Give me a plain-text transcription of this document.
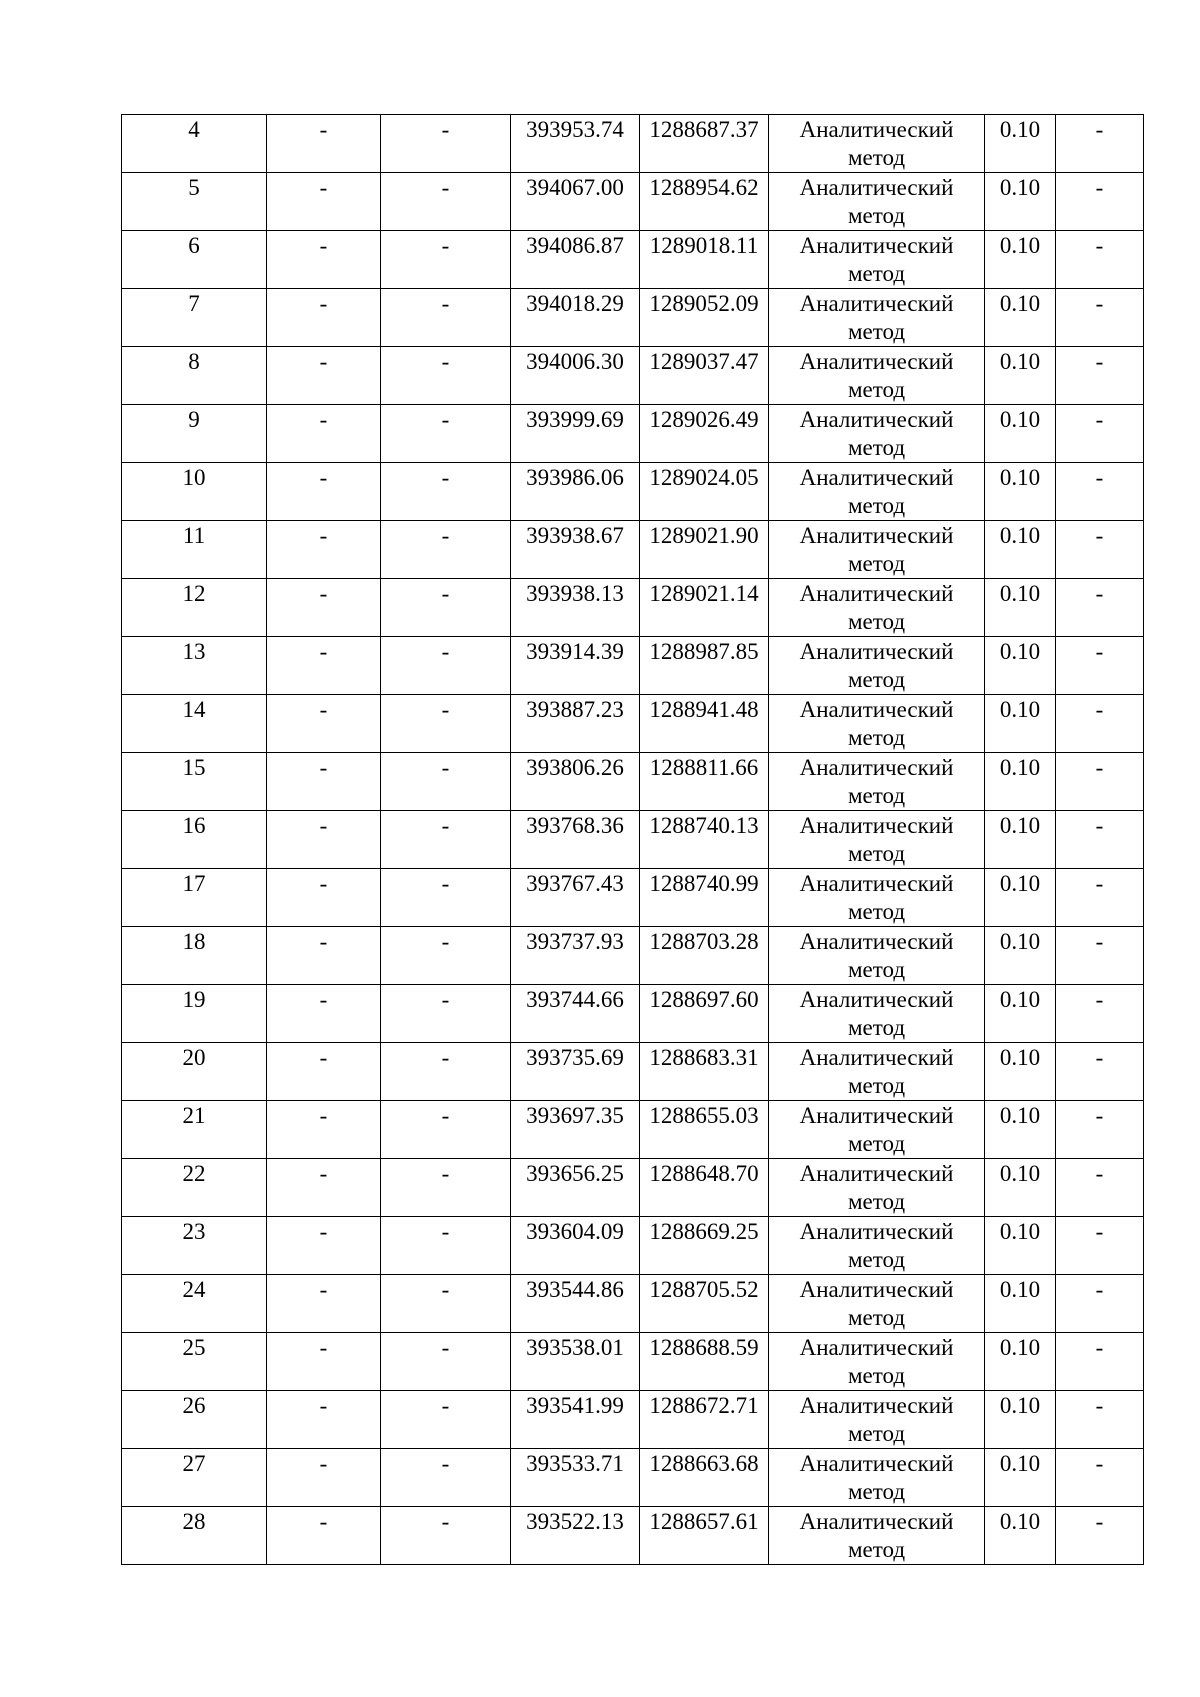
4	-	-	393953.74	1288687.37	Аналитический метод	0.10	-

5	-	-	394067.00	1288954.62	Аналитический метод	0.10	-

6	-	-	394086.87	1289018.11	Аналитический метод	0.10	-

7	-	-	394018.29	1289052.09	Аналитический метод	0.10	-

8	-	-	394006.30	1289037.47	Аналитический метод	0.10	-

9	-	-	393999.69	1289026.49	Аналитический метод	0.10	-

10	-	-	393986.06	1289024.05	Аналитический метод	0.10	-

11	-	-	393938.67	1289021.90	Аналитический метод	0.10	-

12	-	-	393938.13	1289021.14	Аналитический метод	0.10	-

13	-	-	393914.39	1288987.85	Аналитический метод	0.10	-

14	-	-	393887.23	1288941.48	Аналитический метод	0.10	-

15	-	-	393806.26	1288811.66	Аналитический метод	0.10	-

16	-	-	393768.36	1288740.13	Аналитический метод	0.10	-

17	-	-	393767.43	1288740.99	Аналитический метод	0.10	-

18	-	-	393737.93	1288703.28	Аналитический метод	0.10	-

19	-	-	393744.66	1288697.60	Аналитический метод	0.10	-

20	-	-	393735.69	1288683.31	Аналитический метод	0.10	-

21	-	-	393697.35	1288655.03	Аналитический метод	0.10	-

22	-	-	393656.25	1288648.70	Аналитический метод	0.10	-

23	-	-	393604.09	1288669.25	Аналитический метод	0.10	-

24	-	-	393544.86	1288705.52	Аналитический метод	0.10	-

25	-	-	393538.01	1288688.59	Аналитический метод	0.10	-

26	-	-	393541.99	1288672.71	Аналитический метод	0.10	-

27	-	-	393533.71	1288663.68	Аналитический метод	0.10	-

28	-	-	393522.13	1288657.61	Аналитический метод	0.10	-
